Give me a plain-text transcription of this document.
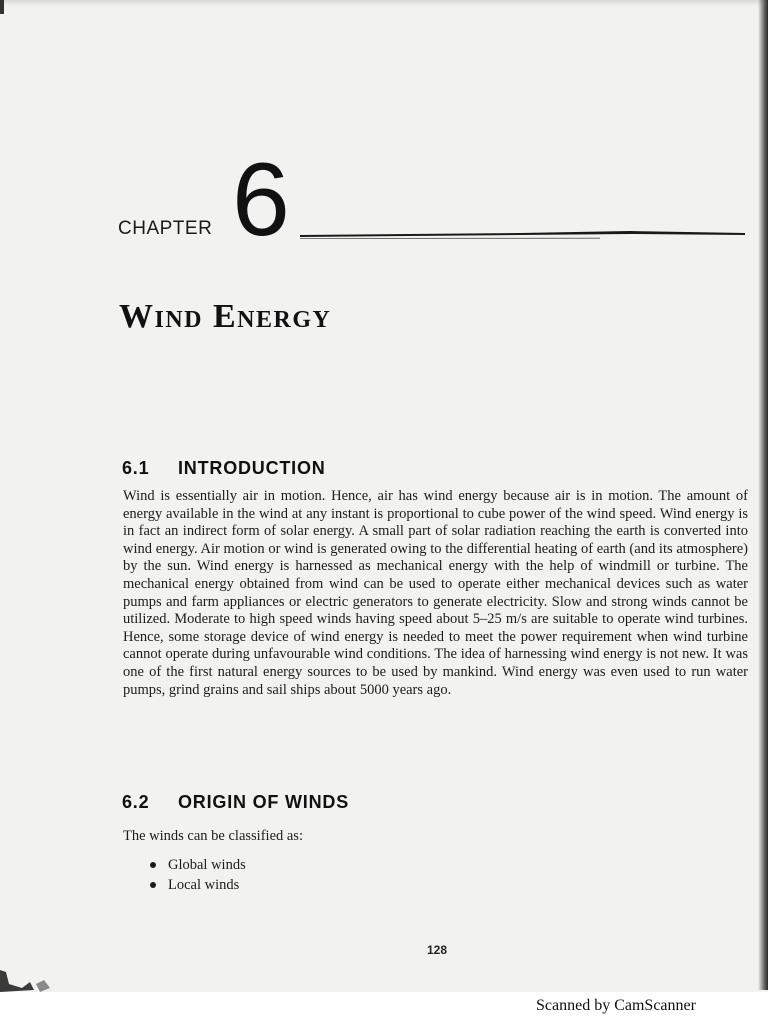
CHAPTER 6
Wind Energy
6.1 INTRODUCTION

Wind is essentially air in motion. Hence, air has wind energy because air is in motion. The amount of energy available in the wind at any instant is proportional to cube power of the wind speed. Wind energy is in fact an indirect form of solar energy. A small part of solar radiation reaching the earth is converted into wind energy. Air motion or wind is generated owing to the differential heating of earth (and its atmosphere) by the sun. Wind energy is harnessed as mechanical energy with the help of windmill or turbine. The mechanical energy obtained from wind can be used to operate either mechanical devices such as water pumps and farm appliances or electric generators to generate electricity. Slow and strong winds cannot be utilized. Moderate to high speed winds having speed about 5–25 m/s are suitable to operate wind turbines. Hence, some storage device of wind energy is needed to meet the power requirement when wind turbine cannot operate during unfavourable wind conditions. The idea of harnessing wind energy is not new. It was one of the first natural energy sources to be used by mankind. Wind energy was even used to run water pumps, grind grains and sail ships about 5000 years ago.

6.2 ORIGIN OF WINDS
The winds can be classified as:
Global winds
Local winds
128
Scanned by CamScanner
